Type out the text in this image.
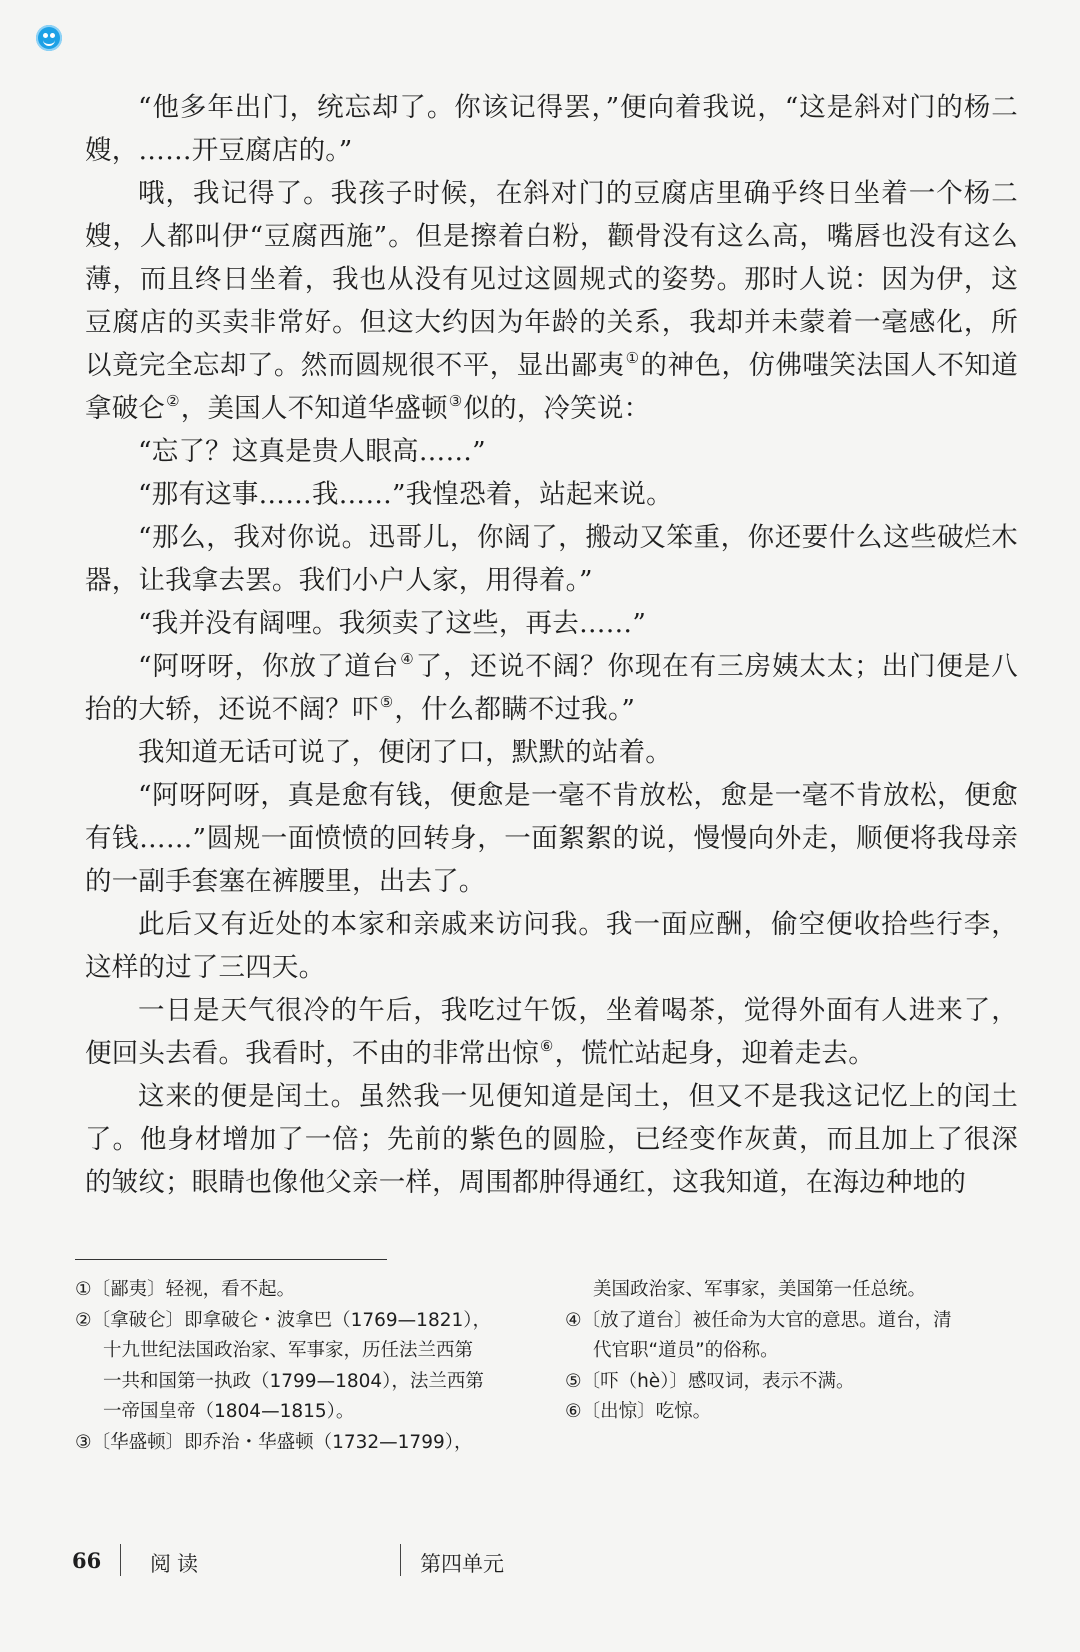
“他多年出门，统忘却了。你该记得罢，”便向着我说，“这是斜对门的杨二嫂，……开豆腐店的。”

哦，我记得了。我孩子时候，在斜对门的豆腐店里确乎终日坐着一个杨二嫂，人都叫伊“豆腐西施”。但是擦着白粉，颧骨没有这么高，嘴唇也没有这么薄，而且终日坐着，我也从没有见过这圆规式的姿势。那时人说：因为伊，这豆腐店的买卖非常好。但这大约因为年龄的关系，我却并未蒙着一毫感化，所以竟完全忘却了。然而圆规很不平，显出鄙夷①的神色，仿佛嗤笑法国人不知道拿破仑②，美国人不知道华盛顿③似的，冷笑说：

“忘了？这真是贵人眼高……”

“那有这事……我……”我惶恐着，站起来说。

“那么，我对你说。迅哥儿，你阔了，搬动又笨重，你还要什么这些破烂木器，让我拿去罢。我们小户人家，用得着。”

“我并没有阔哩。我须卖了这些，再去……”

“阿呀呀，你放了道台④了，还说不阔？你现在有三房姨太太；出门便是八抬的大轿，还说不阔？吓⑤，什么都瞒不过我。”

我知道无话可说了，便闭了口，默默的站着。

“阿呀阿呀，真是愈有钱，便愈是一毫不肯放松，愈是一毫不肯放松，便愈有钱……”圆规一面愤愤的回转身，一面絮絮的说，慢慢向外走，顺便将我母亲的一副手套塞在裤腰里，出去了。

此后又有近处的本家和亲戚来访问我。我一面应酬，偷空便收拾些行李，这样的过了三四天。

一日是天气很冷的午后，我吃过午饭，坐着喝茶，觉得外面有人进来了，便回头去看。我看时，不由的非常出惊⑥，慌忙站起身，迎着走去。

这来的便是闰土。虽然我一见便知道是闰土，但又不是我这记忆上的闰土了。他身材增加了一倍；先前的紫色的圆脸，已经变作灰黄，而且加上了很深的皱纹；眼睛也像他父亲一样，周围都肿得通红，这我知道，在海边种地的

①〔鄙夷〕轻视，看不起。

②〔拿破仑〕即拿破仑・波拿巴（1769—1821），

十九世纪法国政治家、军事家，历任法兰西第

一共和国第一执政（1799—1804），法兰西第

一帝国皇帝（1804—1815）。

③〔华盛顿〕即乔治・华盛顿（1732—1799），

美国政治家、军事家，美国第一任总统。

④〔放了道台〕被任命为大官的意思。道台，清

代官职“道员”的俗称。

⑤〔吓（hè）〕感叹词，表示不满。

⑥〔出惊〕吃惊。

66 阅读	第四单元
